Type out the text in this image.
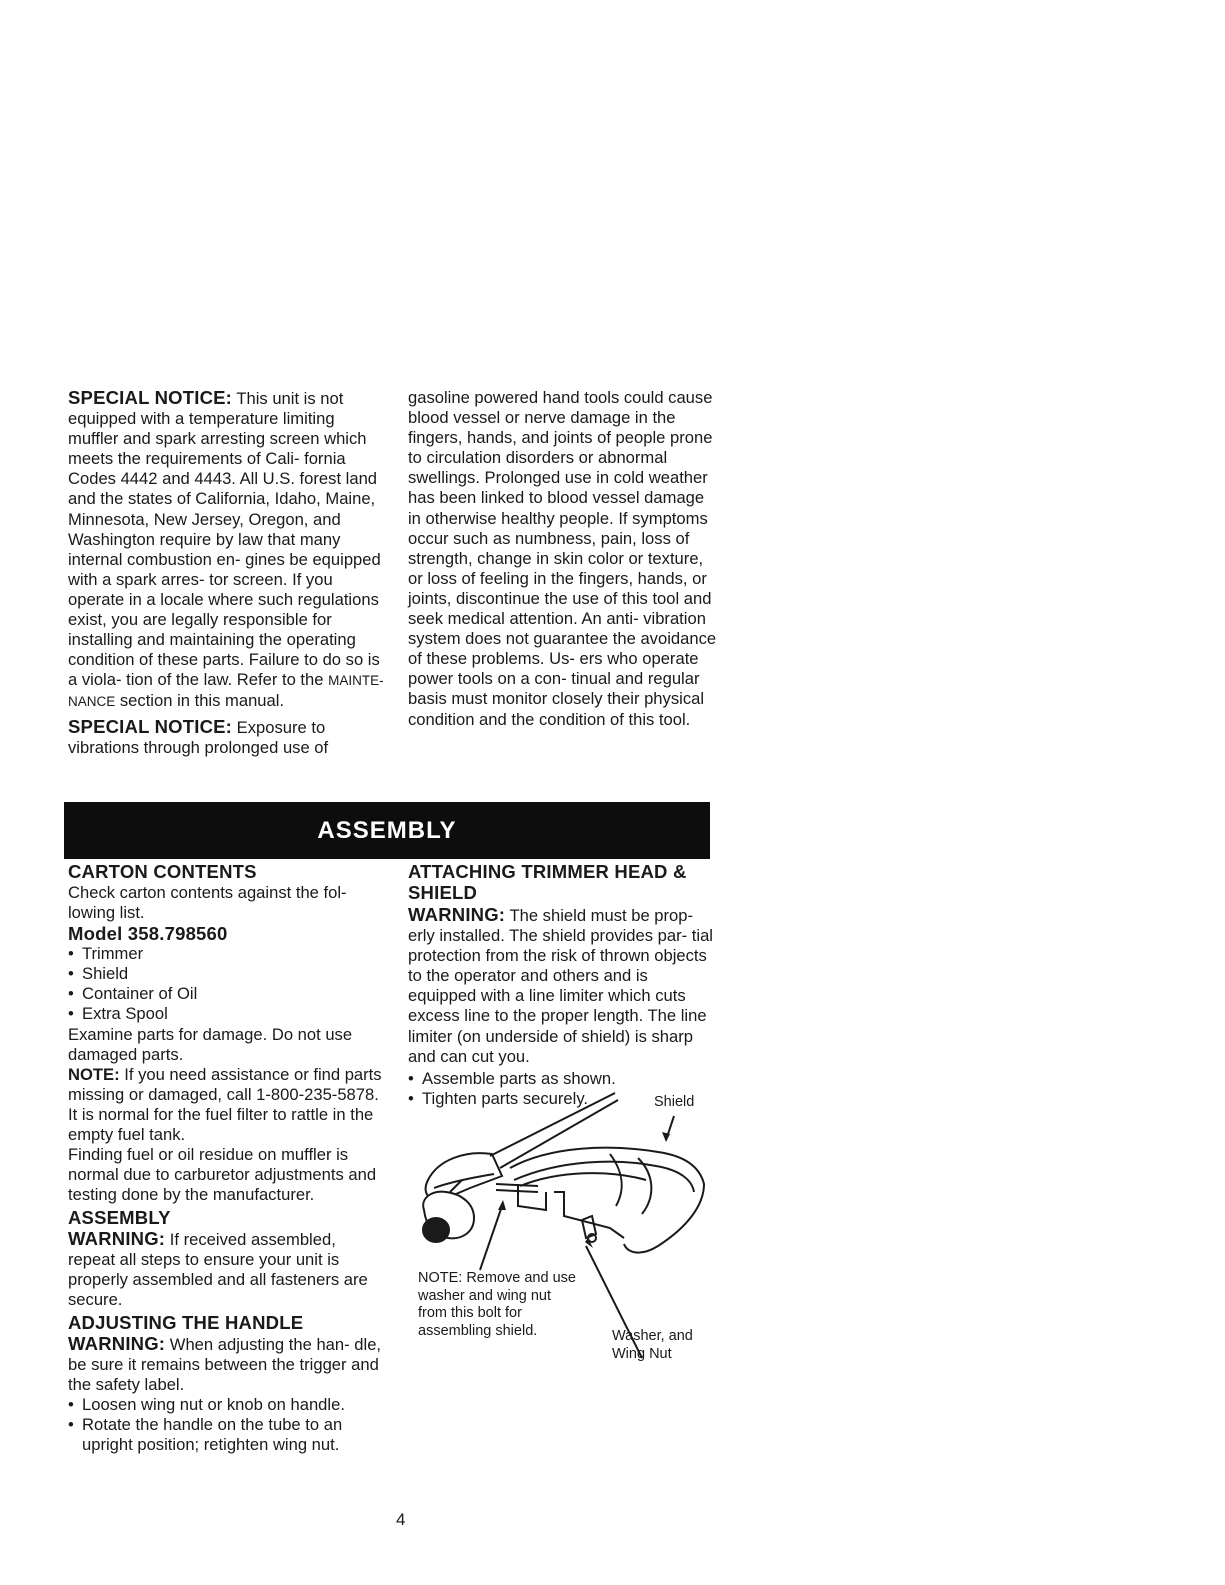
SPECIAL NOTICE: This unit is not equipped with a temperature limiting muffler and spark arresting screen which meets the requirements of Cali- fornia Codes 4442 and 4443. All U.S. forest land and the states of California, Idaho, Maine, Minnesota, New Jersey, Oregon, and Washington require by law that many internal combustion en- gines be equipped with a spark arres- tor screen. If you operate in a locale where such regulations exist, you are legally responsible for installing and maintaining the operating condition of these parts. Failure to do so is a viola- tion of the law. Refer to the MAINTE- NANCE section in this manual.

SPECIAL NOTICE: Exposure to vibrations through prolonged use of

gasoline powered hand tools could cause blood vessel or nerve damage in the fingers, hands, and joints of people prone to circulation disorders or abnormal swellings. Prolonged use in cold weather has been linked to blood vessel damage in otherwise healthy people. If symptoms occur such as numbness, pain, loss of strength, change in skin color or texture, or loss of feeling in the fingers, hands, or joints, discontinue the use of this tool and seek medical attention. An anti- vibration system does not guarantee the avoidance of these problems. Us- ers who operate power tools on a con- tinual and regular basis must monitor closely their physical condition and the condition of this tool.

ASSEMBLY

CARTON CONTENTS

Check carton contents against the fol- lowing list.

Model 358.798560

• Trimmer
• Shield
• Container of Oil
• Extra Spool

Examine parts for damage. Do not use damaged parts.

NOTE: If you need assistance or find parts missing or damaged, call 1-800-235-5878.

It is normal for the fuel filter to rattle in the empty fuel tank.

Finding fuel or oil residue on muffler is normal due to carburetor adjustments and testing done by the manufacturer.

ASSEMBLY

WARNING: If received assembled, repeat all steps to ensure your unit is properly assembled and all fasteners are secure.

ADJUSTING THE HANDLE

WARNING: When adjusting the han- dle, be sure it remains between the trigger and the safety label.

• Loosen wing nut or knob on handle.
• Rotate the handle on the tube to an upright position; retighten wing nut.

ATTACHING TRIMMER HEAD & SHIELD

WARNING: The shield must be prop- erly installed. The shield provides par- tial protection from the risk of thrown objects to the operator and others and is equipped with a line limiter which cuts excess line to the proper length. The line limiter (on underside of shield) is sharp and can cut you.

• Assemble parts as shown.
• Tighten parts securely.	Shield
NOTE: Remove and use washer and wing nut from this bolt for assembling shield.	Washer, and Wing Nut
4
